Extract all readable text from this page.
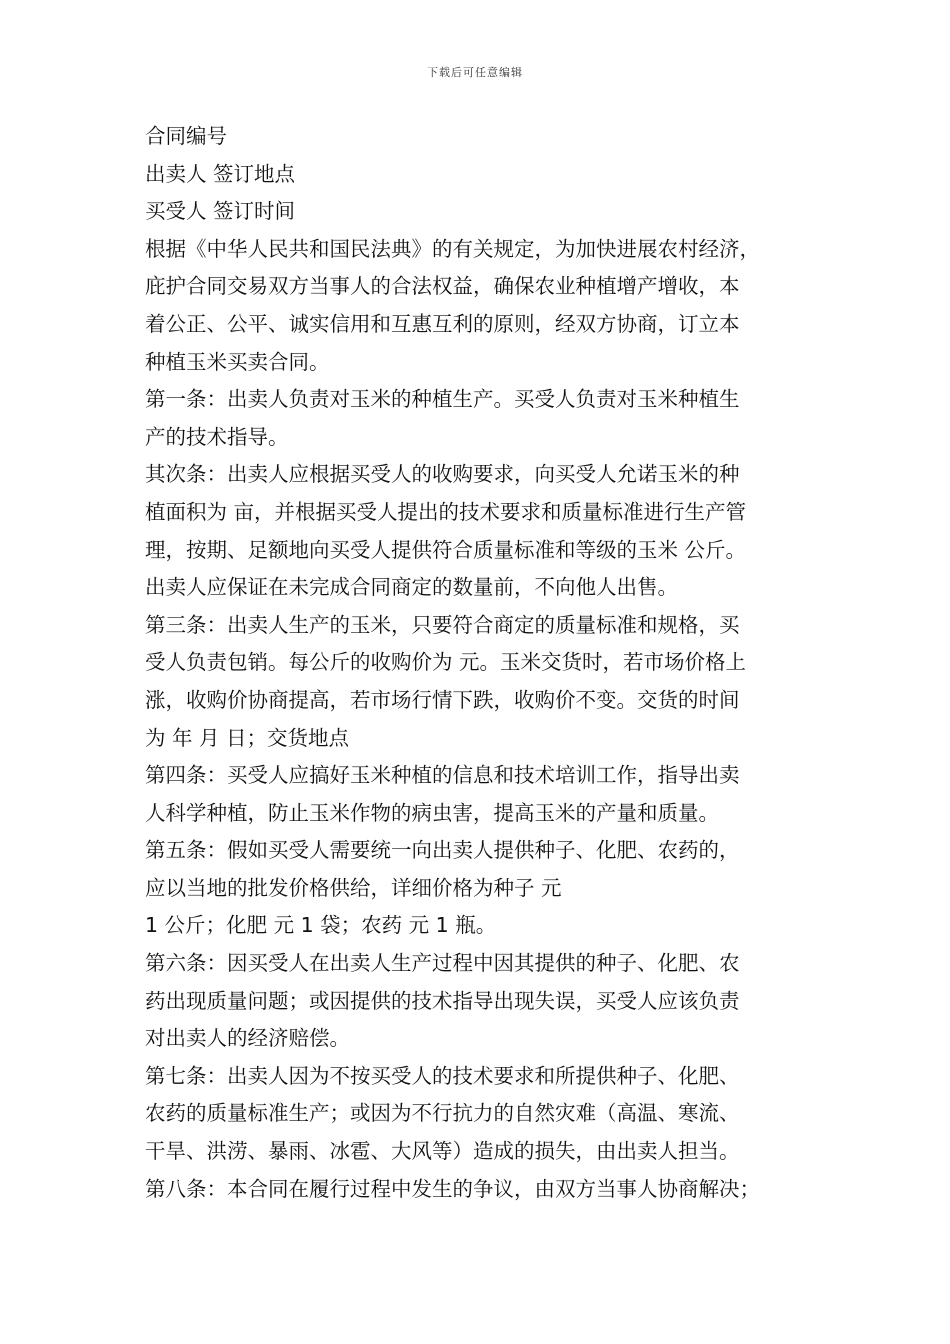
下载后可任意编辑
合同编号
出卖人 签订地点
买受人 签订时间
根据《中华人民共和国民法典》的有关规定，为加快进展农村经济，
庇护合同交易双方当事人的合法权益，确保农业种植增产增收，本
着公正、公平、诚实信用和互惠互利的原则，经双方协商，订立本
种植玉米买卖合同。
第一条：出卖人负责对玉米的种植生产。买受人负责对玉米种植生
产的技术指导。
其次条：出卖人应根据买受人的收购要求，向买受人允诺玉米的种
植面积为 亩，并根据买受人提出的技术要求和质量标准进行生产管
理，按期、足额地向买受人提供符合质量标准和等级的玉米 公斤。
出卖人应保证在未完成合同商定的数量前，不向他人出售。
第三条：出卖人生产的玉米，只要符合商定的质量标准和规格，买
受人负责包销。每公斤的收购价为 元。玉米交货时，若市场价格上
涨，收购价协商提高，若市场行情下跌，收购价不变。交货的时间
为 年 月 日；交货地点
第四条：买受人应搞好玉米种植的信息和技术培训工作，指导出卖
人科学种植，防止玉米作物的病虫害，提高玉米的产量和质量。
第五条：假如买受人需要统一向出卖人提供种子、化肥、农药的，
应以当地的批发价格供给，详细价格为种子 元
1 公斤；化肥 元 1 袋；农药 元 1 瓶。
第六条：因买受人在出卖人生产过程中因其提供的种子、化肥、农
药出现质量问题；或因提供的技术指导出现失误，买受人应该负责
对出卖人的经济赔偿。
第七条：出卖人因为不按买受人的技术要求和所提供种子、化肥、
农药的质量标准生产；或因为不行抗力的自然灾难（高温、寒流、
干旱、洪涝、暴雨、冰雹、大风等）造成的损失，由出卖人担当。
第八条：本合同在履行过程中发生的争议，由双方当事人协商解决；
